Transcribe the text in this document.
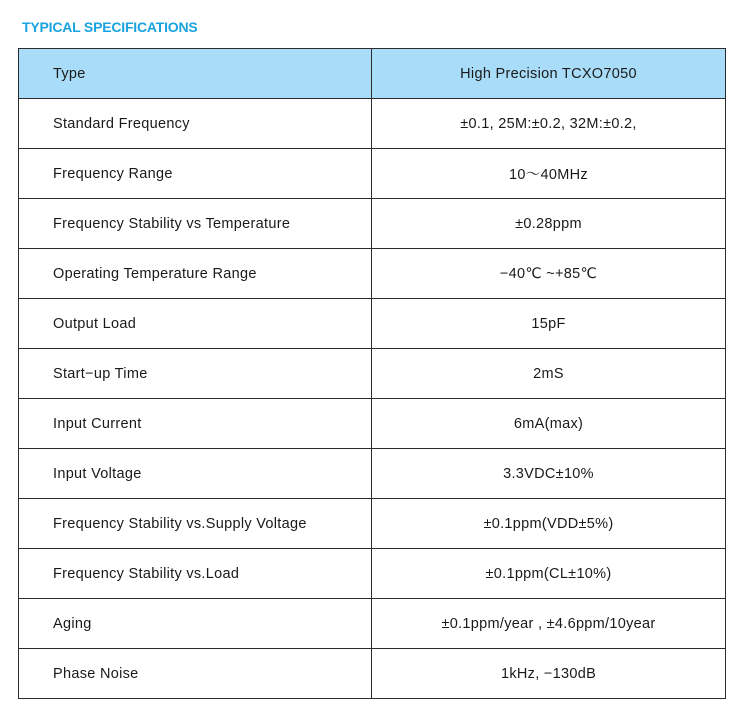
TYPICAL SPECIFICATIONS
Type	High Precision TCXO7050
Standard Frequency	±0.1, 25M:±0.2, 32M:±0.2,
Frequency Range	10～40MHz
Frequency Stability vs Temperature	±0.28ppm
Operating Temperature Range	−40℃ ~+85℃
Output Load	15pF
Start−up Time	2mS
Input Current	6mA(max)
Input Voltage	3.3VDC±10%
Frequency Stability vs.Supply Voltage	±0.1ppm(VDD±5%)
Frequency Stability vs.Load	±0.1ppm(CL±10%)
Aging	±0.1ppm/year , ±4.6ppm/10year
Phase Noise	1kHz, −130dB
